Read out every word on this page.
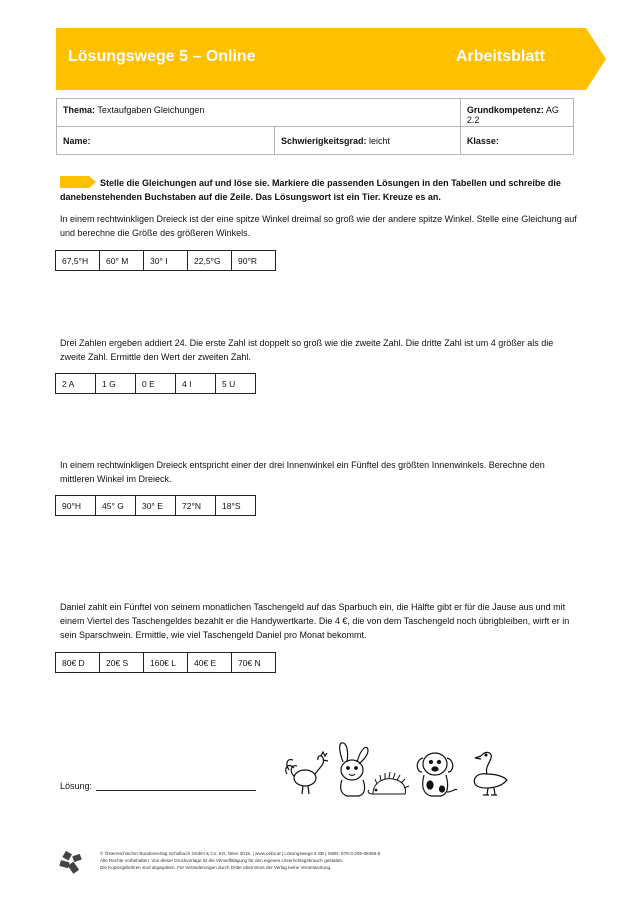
Lösungswege 5 – Online	Arbeitsblatt
Thema: Textaufgaben Gleichungen		Grundkompetenz: AG 2.2
Name:	Schwierigkeitsgrad: leicht	Klasse:
Stelle die Gleichungen auf und löse sie. Markiere die passenden Lösungen in den Tabellen und schreibe die danebenstehenden Buchstaben auf die Zeile. Das Lösungswort ist ein Tier. Kreuze es an.
In einem rechtwinkligen Dreieck ist der eine spitze Winkel dreimal so groß wie der andere spitze Winkel. Stelle eine Gleichung auf und berechne die Größe des größeren Winkels.
67,5°H	60° M	30° I	22,5°G	90°R
Drei Zahlen ergeben addiert 24. Die erste Zahl ist doppelt so groß wie die zweite Zahl. Die dritte Zahl ist um 4 größer als die zweite Zahl. Ermittle den Wert der zweiten Zahl.
2 A	1 G	0 E	4 I	5 U
In einem rechtwinkligen Dreieck entspricht einer der drei Innenwinkel ein Fünftel des größten Innenwinkels. Berechne den mittleren Winkel im Dreieck.
90°H	45° G	30° E	72°N	18°S
Daniel zahlt ein Fünftel von seinem monatlichen Taschengeld auf das Sparbuch ein, die Hälfte gibt er für die Jause aus und mit einem Viertel des Taschengeldes bezahlt er die Handywertkarte. Die 4 €, die von dem Taschengeld noch übrigbleiben, wirft er in sein Sparschwein. Ermittle, wie viel Taschengeld Daniel pro Monat bekommt.
80€ D	20€ S	160€ L	40€ E	70€ N
Lösung:
© Österreichischer Bundesverlag Schulbuch GmbH & Co. KG, Wien 2015. | www.oebv.at | Lösungswege 5 SB | ISBN: 978-3-209-08466-8
Alle Rechte vorbehalten. Von dieser Druckvorlage ist die Vervielfältigung für den eigenen Unterrichtsgebrauch gestattet.
Die Kopiergebühren sind abgegolten. Für Veränderungen durch Dritte übernimmt der Verlag keine Verantwortung.
